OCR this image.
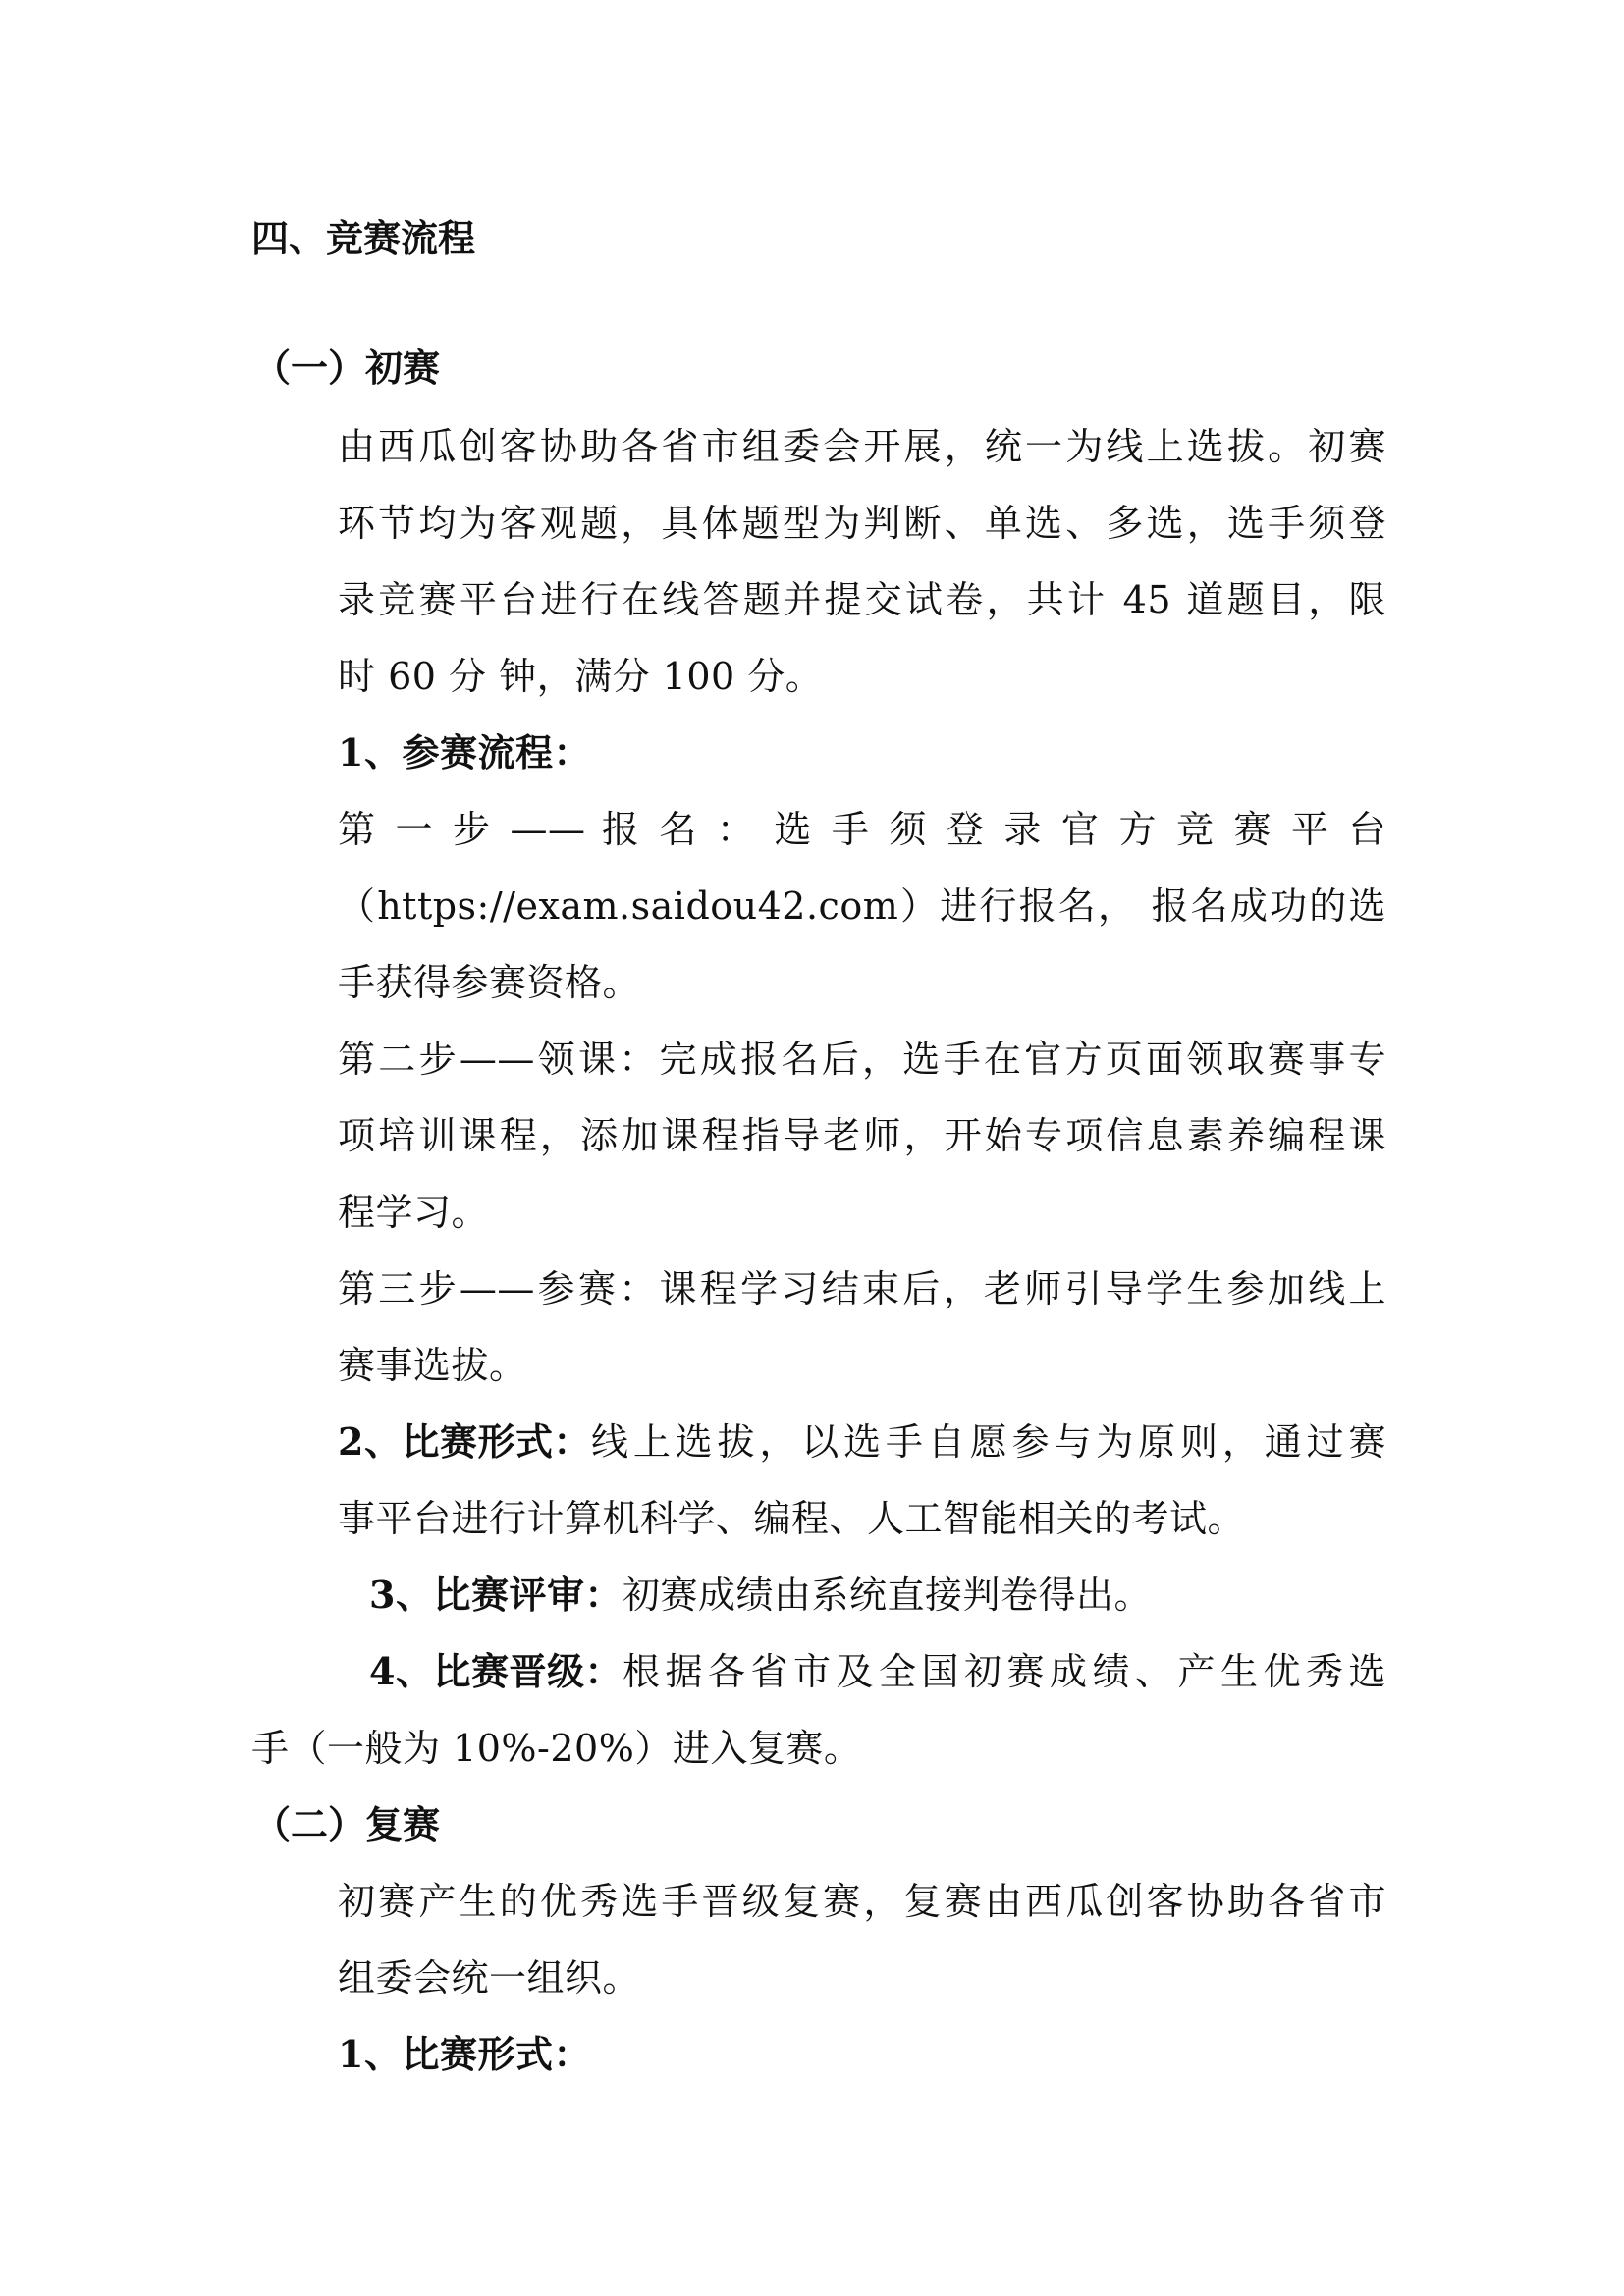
四、竞赛流程
（一）初赛
由西瓜创客协助各省市组委会开展，统一为线上选拔。初赛
环节均为客观题，具体题型为判断、单选、多选，选手须登
录竞赛平台进行在线答题并提交试卷，共计 45 道题目，限
时 60 分 钟，满分 100 分。
1、参赛流程：
第 一 步 —— 报 名 ： 选 手 须 登 录 官 方 竞 赛 平 台
（https://exam.saidou42.com）进行报名， 报名成功的选
手获得参赛资格。
第二步——领课：完成报名后，选手在官方页面领取赛事专
项培训课程，添加课程指导老师，开始专项信息素养编程课
程学习。
第三步——参赛：课程学习结束后，老师引导学生参加线上
赛事选拔。
2、比赛形式： 线上选拔，以选手自愿参与为原则，通过赛
事平台进行计算机科学、编程、人工智能相关的考试。
3、比赛评审：初赛成绩由系统直接判卷得出。
4、比赛晋级： 根据各省市及全国初赛成绩、产生优秀选
手（一般为 10%-20%）进入复赛。
（二）复赛
初赛产生的优秀选手晋级复赛，复赛由西瓜创客协助各省市
组委会统一组织。
1、比赛形式：
